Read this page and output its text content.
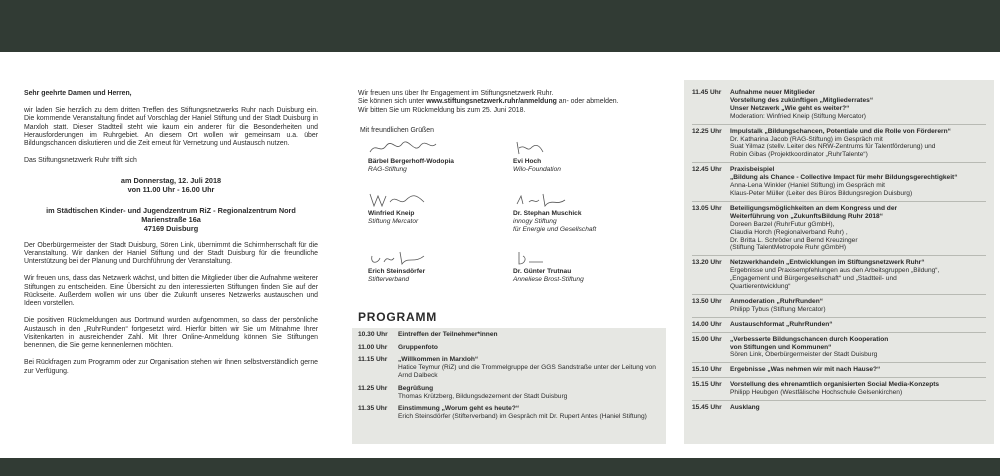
Sehr geehrte Damen und Herren,

wir laden Sie herzlich zu dem dritten Treffen des Stiftungsnetzwerks Ruhr nach Duisburg ein. Die kommende Veranstaltung findet auf Vorschlag der Haniel Stiftung und der Stadt Duisburg in Marxloh statt. Dieser Stadtteil steht wie kaum ein anderer für die Besonderheiten und Herausforderungen im Ruhrgebiet. An diesem Ort wollen wir gemeinsam u.a. über Bildungschancen diskutieren und die Zeit erneut für Vernetzung und Austausch nutzen.

Das Stiftungsnetzwerk Ruhr trifft sich

am Donnerstag, 12. Juli 2018
von 11.00 Uhr - 16.00 Uhr
im Städtischen Kinder- und Jugendzentrum RiZ - Regionalzentrum Nord
Marienstraße 16a
47169 Duisburg

Der Oberbürgermeister der Stadt Duisburg, Sören Link, übernimmt die Schirmherrschaft für die Veranstaltung. Wir danken der Haniel Stiftung und der Stadt Duisburg für die freundliche Unterstützung bei der Planung und Durchführung der Veranstaltung.

Wir freuen uns, dass das Netzwerk wächst, und bitten die Mitglieder über die Aufnahme weiterer Stiftungen zu entscheiden. Eine Übersicht zu den interessierten Stiftungen finden Sie auf der Rückseite. Außerdem wollen wir uns über die Zukunft unseres Netzwerks austauschen und Ideen vorstellen.

Die positiven Rückmeldungen aus Dortmund wurden aufgenommen, so dass der persönliche Austausch in den „RuhrRunden“ fortgesetzt wird. Hierfür bitten wir Sie um Mitnahme Ihrer Visitenkarten in ausreichender Zahl. Mit Ihrer Online-Anmeldung können Sie Stiftungen benennen, die Sie gerne kennenlernen möchten.

Bei Rückfragen zum Programm oder zur Organisation stehen wir Ihnen selbstverständlich gerne zur Verfügung.

Wir freuen uns über Ihr Engagement im Stiftungsnetzwerk Ruhr.
Sie können sich unter www.stiftungsnetzwerk.ruhr/anmeldung an- oder abmelden.
Wir bitten Sie um Rückmeldung bis zum 25. Juni 2018.
Mit freundlichen Grüßen
Bärbel Bergerhoff-Wodopia
RAG-Stiftung
Evi Hoch
Wilo-Foundation
Winfried Kneip
Stiftung Mercator
Dr. Stephan Muschick
innogy Stiftung
für Energie und Gesellschaft
Erich Steinsdörfer
Stifterverband
Dr. Günter Trutnau
Anneliese Brost-Stiftung
PROGRAMM
10.30 Uhr	Eintreffen der Teilnehmer*innen
11.00 Uhr	Gruppenfoto
11.15 Uhr	„Willkommen in Marxloh“
Hatice Teymur (RiZ) und die Trommelgruppe der GGS Sandstraße unter der Leitung von Arnd Dalbeck
11.25 Uhr	Begrüßung
Thomas Krützberg, Bildungsdezernent der Stadt Duisburg
11.35 Uhr	Einstimmung „Worum geht es heute?“
Erich Steinsdörfer (Stifterverband) im Gespräch mit Dr. Rupert Antes (Haniel Stiftung)
11.45 Uhr	Aufnahme neuer Mitglieder
Vorstellung des zukünftigen „Mitgliederrates“
Unser Netzwerk „Wie geht es weiter?“
Moderation: Winfried Kneip (Stiftung Mercator)
12.25 Uhr	Impulstalk „Bildungschancen, Potentiale und die Rolle von Förderern“
Dr. Katharina Jacob (RAG-Stiftung) im Gespräch mit
Suat Yilmaz (stellv. Leiter des NRW-Zentrums für Talentförderung) und
Robin Gibas (Projektkoordinator „RuhrTalente“)
12.45 Uhr	Praxisbeispiel
„Bildung als Chance - Collective Impact für mehr Bildungsgerechtigkeit“
Anna-Lena Winkler (Haniel Stiftung) im Gespräch mit
Klaus-Peter Müller (Leiter des Büros Bildungsregion Duisburg)
13.05 Uhr	Beteiligungsmöglichkeiten an dem Kongress und der
Weiterführung von „ZukunftsBildung Ruhr 2018“
Doreen Barzel (RuhrFutur gGmbH),
Claudia Horch (Regionalverband Ruhr) ,
Dr. Britta L. Schröder und Bernd Kreuzinger
(Stiftung TalentMetropole Ruhr gGmbH)
13.20 Uhr	Netzwerkhandeln „Entwicklungen im Stiftungsnetzwerk Ruhr“
Ergebnisse und Praxisempfehlungen aus den Arbeitsgruppen „Bildung“,
„Engagement und Bürgergesellschaft“ und „Stadtteil- und
Quartierentwicklung“
13.50 Uhr	Anmoderation „RuhrRunden“
Philipp Tybus (Stiftung Mercator)
14.00 Uhr	Austauschformat „RuhrRunden“
15.00 Uhr	„Verbesserte Bildungschancen durch Kooperation
von Stiftungen und Kommunen“
Sören Link, Oberbürgermeister der Stadt Duisburg
15.10 Uhr	Ergebnisse „Was nehmen wir mit nach Hause?“
15.15 Uhr	Vorstellung des ehrenamtlich organisierten Social Media-Konzepts
Philipp Heubgen (Westfälische Hochschule Gelsenkirchen)
15.45 Uhr	Ausklang
